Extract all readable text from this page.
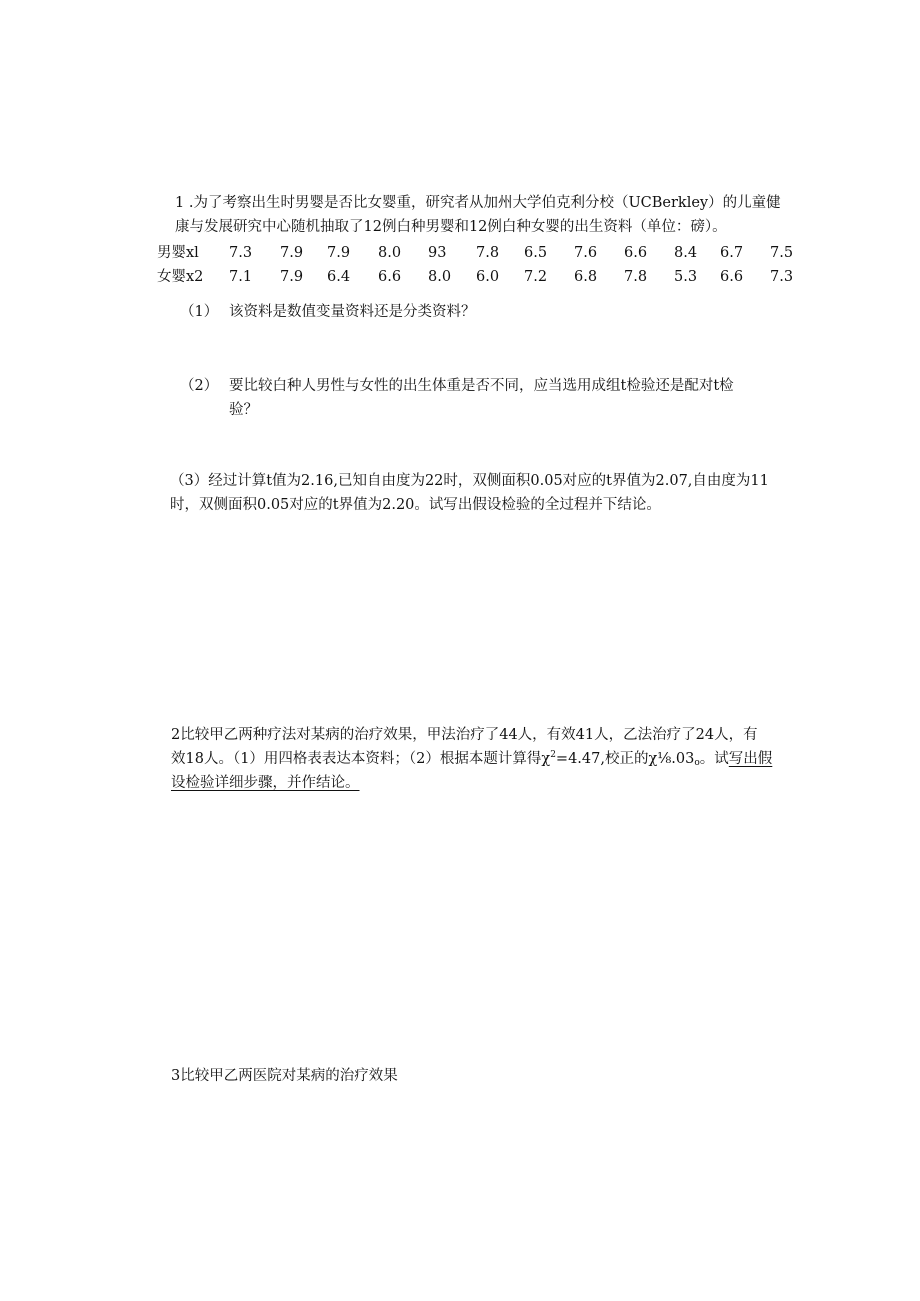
1 .为了考察出生时男婴是否比女婴重，研究者从加州大学伯克利分校（UCBerkley）的儿童健
康与发展研究中心随机抽取了12例白种男婴和12例白种女婴的出生资料（单位：磅）。
男婴xl 7.3 7.9 7.9 8.0 93 7.8 6.5 7.6 6.6 8.4 6.7 7.5
女婴x2 7.1 7.9 6.4 6.6 8.0 6.0 7.2 6.8 7.8 5.3 6.6 7.3
（1） 该资料是数值变量资料还是分类资料？
（2） 要比较白种人男性与女性的出生体重是否不同，应当选用成组t检验还是配对t检
验？
（3）经过计算t值为2.16,已知自由度为22时，双侧面积0.05对应的t界值为2.07,自由度为11
时，双侧面积0.05对应的t界值为2.20。试写出假设检验的全过程并下结论。
2比较甲乙两种疗法对某病的治疗效果，甲法治疗了44人，有效41人，乙法治疗了24人，有
效18人。（1）用四格表表达本资料；（2）根据本题计算得$\chi^2=4.47$,校正的$\chi\frac{1}{8}.03_o$。试写出假
设检验详细步骤，并作结论。
3比较甲乙两医院对某病的治疗效果
